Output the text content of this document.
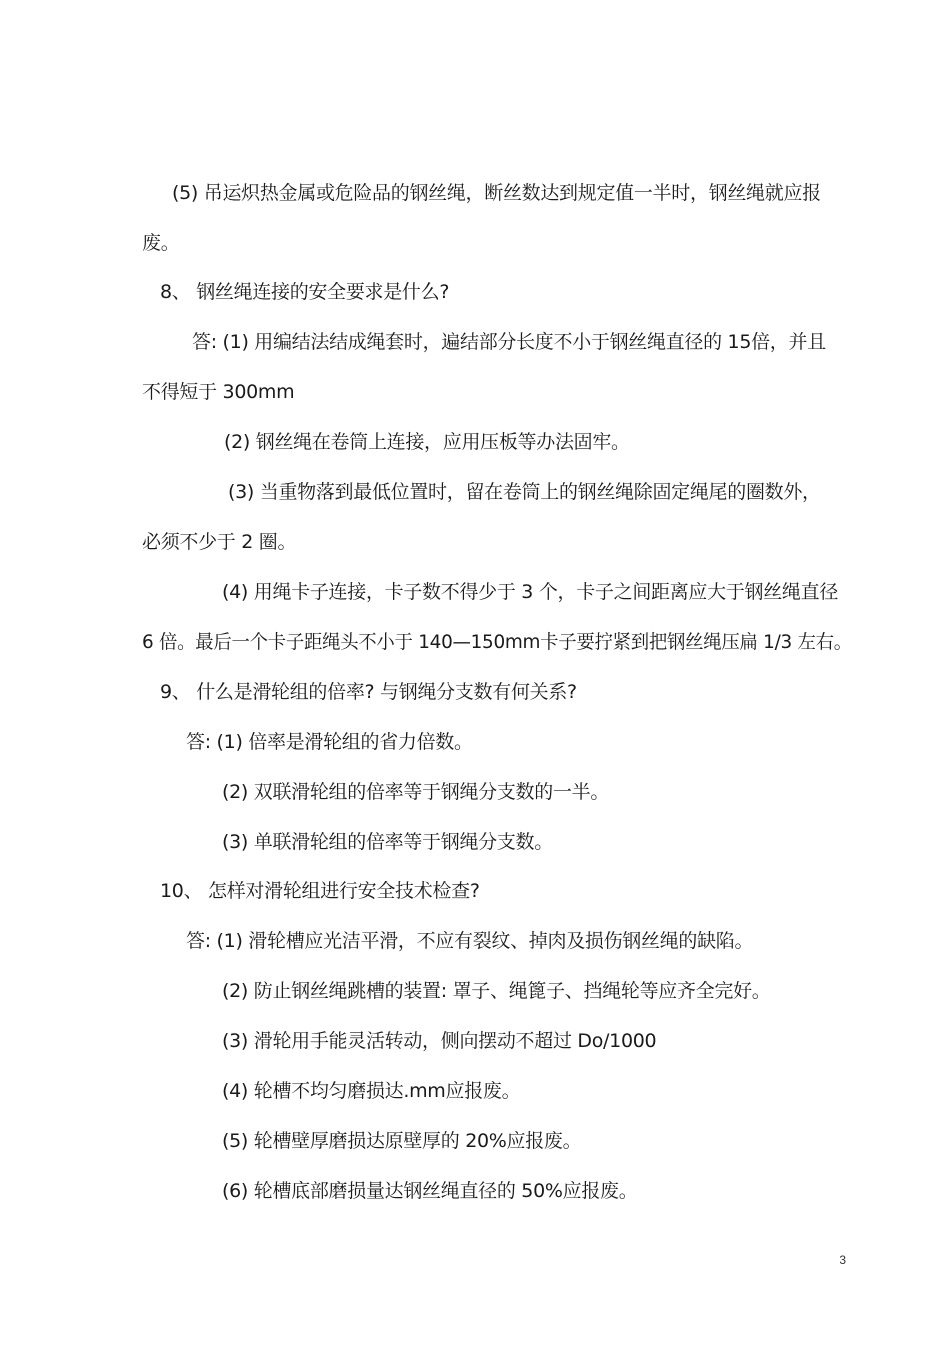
(5) 吊运炽热金属或危险品的钢丝绳，断丝数达到规定值一半时，钢丝绳就应报
废。
8、 钢丝绳连接的安全要求是什么?
答: (1) 用编结法结成绳套时，遍结部分长度不小于钢丝绳直径的 15倍，并且
不得短于 300mm
(2) 钢丝绳在卷筒上连接，应用压板等办法固牢。
(3) 当重物落到最低位置时，留在卷筒上的钢丝绳除固定绳尾的圈数外，
必须不少于 2 圈。
(4) 用绳卡子连接，卡子数不得少于 3 个，卡子之间距离应大于钢丝绳直径
6 倍。最后一个卡子距绳头不小于 140—150mm卡子要拧紧到把钢丝绳压扁 1/3 左右。
9、 什么是滑轮组的倍率? 与钢绳分支数有何关系?
答: (1) 倍率是滑轮组的省力倍数。
(2) 双联滑轮组的倍率等于钢绳分支数的一半。
(3) 单联滑轮组的倍率等于钢绳分支数。
10、 怎样对滑轮组进行安全技术检查?
答: (1) 滑轮槽应光洁平滑，不应有裂纹、掉肉及损伤钢丝绳的缺陷。
(2) 防止钢丝绳跳槽的装置: 罩子、绳篦子、挡绳轮等应齐全完好。
(3) 滑轮用手能灵活转动，侧向摆动不超过 Do/1000
(4) 轮槽不均匀磨损达.mm应报废。
(5) 轮槽壁厚磨损达原壁厚的 20%应报废。
(6) 轮槽底部磨损量达钢丝绳直径的 50%应报废。
3
